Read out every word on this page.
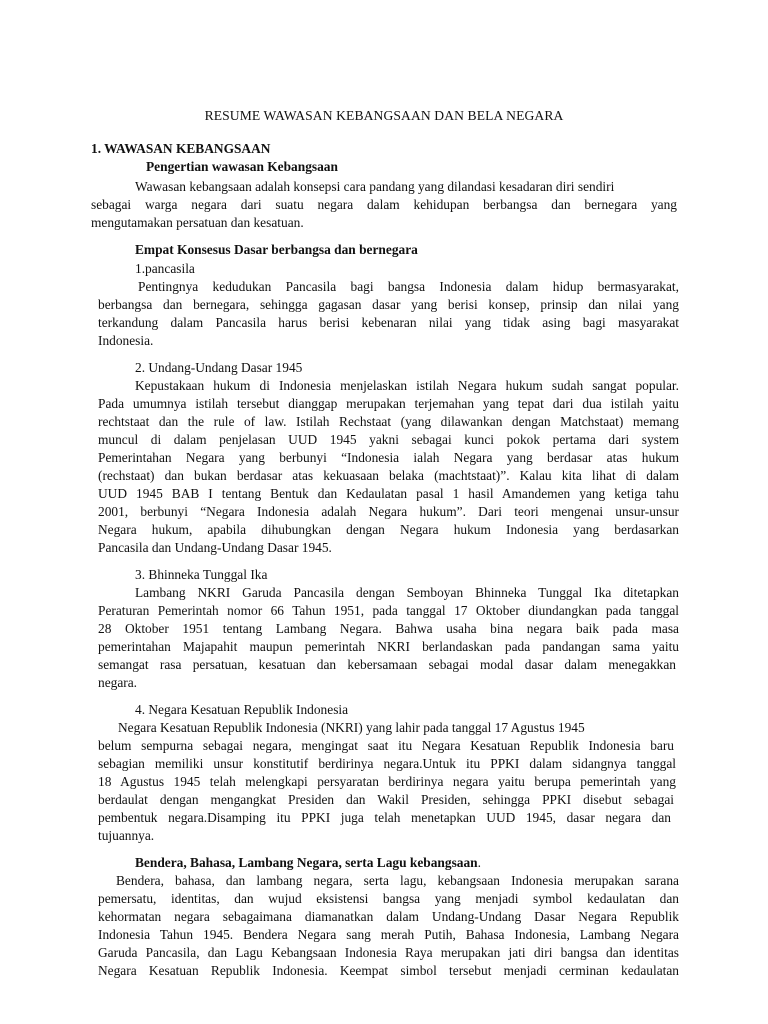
RESUME WAWASAN KEBANGSAAN DAN BELA NEGARA
1. WAWASAN KEBANGSAAN
Pengertian wawasan Kebangsaan
Wawasan kebangsaan adalah konsepsi cara pandang yang dilandasi kesadaran diri sendiri
sebagai warga negara dari suatu negara dalam kehidupan berbangsa dan bernegara yang
mengutamakan persatuan dan kesatuan.
Empat Konsesus Dasar berbangsa dan bernegara
1.pancasila
Pentingnya kedudukan Pancasila bagi bangsa Indonesia dalam hidup bermasyarakat,
berbangsa dan bernegara, sehingga gagasan dasar yang berisi konsep, prinsip dan nilai yang
terkandung dalam Pancasila harus berisi kebenaran nilai yang tidak asing bagi masyarakat
Indonesia.
2. Undang-Undang Dasar 1945
Kepustakaan hukum di Indonesia menjelaskan istilah Negara hukum sudah sangat popular.
Pada umumnya istilah tersebut dianggap merupakan terjemahan yang tepat dari dua istilah yaitu
rechtstaat dan the rule of law. Istilah Rechstaat (yang dilawankan dengan Matchstaat) memang
muncul di dalam penjelasan UUD 1945 yakni sebagai kunci pokok pertama dari system
Pemerintahan Negara yang berbunyi “Indonesia ialah Negara yang berdasar atas hukum
(rechstaat) dan bukan berdasar atas kekuasaan belaka (machtstaat)”. Kalau kita lihat di dalam
UUD 1945 BAB I tentang Bentuk dan Kedaulatan pasal 1 hasil Amandemen yang ketiga tahu
2001, berbunyi “Negara Indonesia adalah Negara hukum”. Dari teori mengenai unsur-unsur
Negara hukum, apabila dihubungkan dengan Negara hukum Indonesia yang berdasarkan
Pancasila dan Undang-Undang Dasar 1945.
3. Bhinneka Tunggal Ika
Lambang NKRI Garuda Pancasila dengan Semboyan Bhinneka Tunggal Ika ditetapkan
Peraturan Pemerintah nomor 66 Tahun 1951, pada tanggal 17 Oktober diundangkan pada tanggal
28 Oktober 1951 tentang Lambang Negara. Bahwa usaha bina negara baik pada masa
pemerintahan Majapahit maupun pemerintah NKRI berlandaskan pada pandangan sama yaitu
semangat rasa persatuan, kesatuan dan kebersamaan sebagai modal dasar dalam menegakkan
negara.
4. Negara Kesatuan Republik Indonesia
Negara Kesatuan Republik Indonesia (NKRI) yang lahir pada tanggal 17 Agustus 1945
belum sempurna sebagai negara, mengingat saat itu Negara Kesatuan Republik Indonesia baru
sebagian memiliki unsur konstitutif berdirinya negara.Untuk itu PPKI dalam sidangnya tanggal
18 Agustus 1945 telah melengkapi persyaratan berdirinya negara yaitu berupa pemerintah yang
berdaulat dengan mengangkat Presiden dan Wakil Presiden, sehingga PPKI disebut sebagai
pembentuk negara.Disamping itu PPKI juga telah menetapkan UUD 1945, dasar negara dan
tujuannya.
Bendera, Bahasa, Lambang Negara, serta Lagu kebangsaan.
Bendera, bahasa, dan lambang negara, serta lagu, kebangsaan Indonesia merupakan sarana
pemersatu, identitas, dan wujud eksistensi bangsa yang menjadi symbol kedaulatan dan
kehormatan negara sebagaimana diamanatkan dalam Undang-Undang Dasar Negara Republik
Indonesia Tahun 1945. Bendera Negara sang merah Putih, Bahasa Indonesia, Lambang Negara
Garuda Pancasila, dan Lagu Kebangsaan Indonesia Raya merupakan jati diri bangsa dan identitas
Negara Kesatuan Republik Indonesia. Keempat simbol tersebut menjadi cerminan kedaulatan
